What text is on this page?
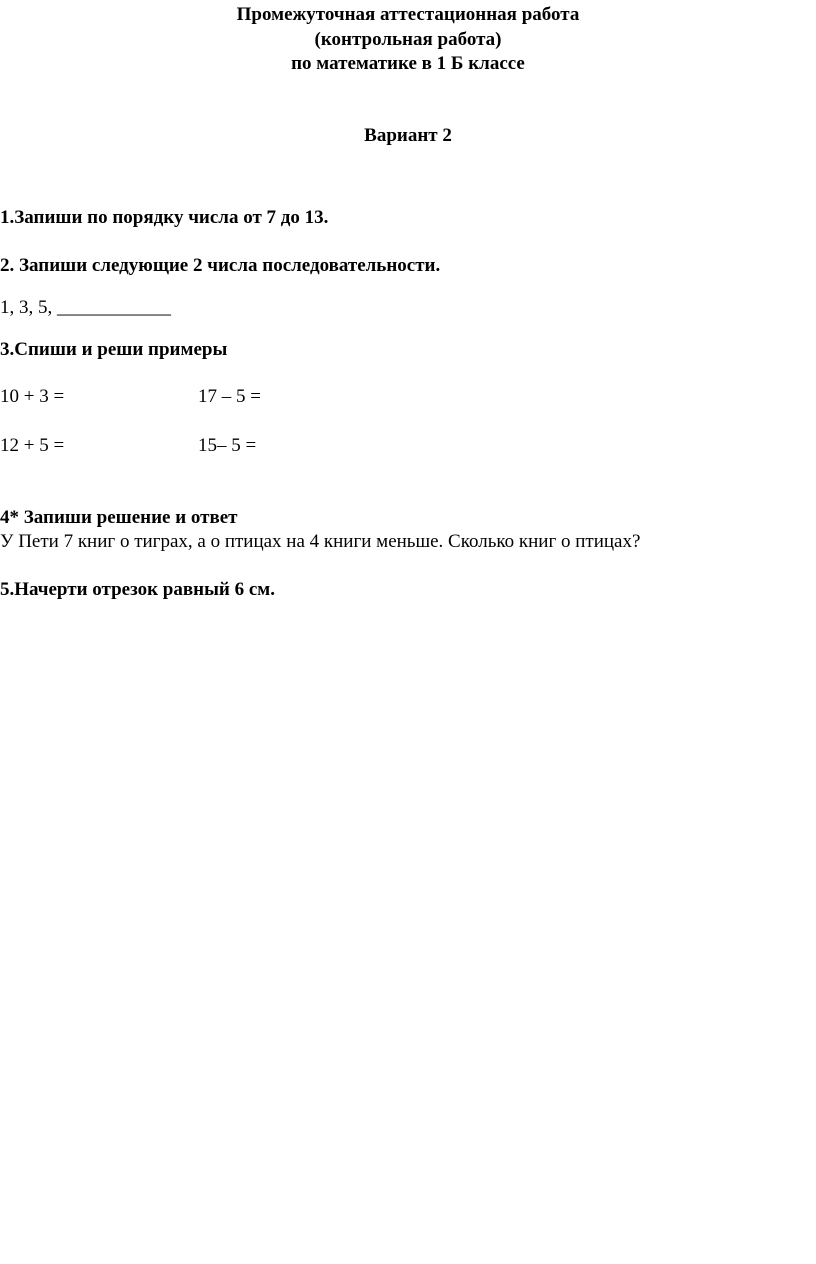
Промежуточная аттестационная работа
(контрольная работа)
по математике в 1 Б классе
Вариант 2
1.Запиши по порядку числа от 7 до 13.
2. Запиши следующие 2 числа последовательности.
1, 3, 5, ____________
3.Спиши и реши примеры
10 + 3 =	17 – 5 =
12 + 5 =	15– 5 =
4* Запиши решение и ответ
У Пети 7 книг о тиграх, а о птицах на 4 книги меньше. Сколько книг о птицах?
5.Начерти отрезок равный 6 см.
